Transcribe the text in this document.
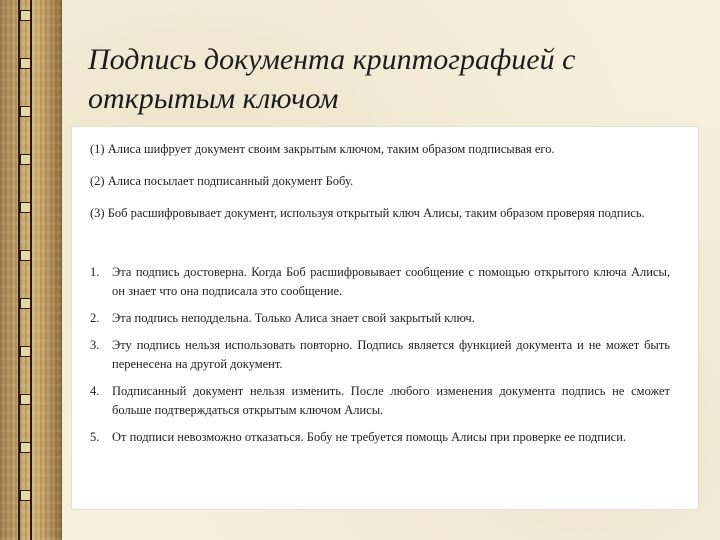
Подпись документа криптографией с открытым ключом

(1) Алиса шифрует документ своим закрытым ключом, таким образом подписывая его.

(2) Алиса посылает подписанный документ Бобу.

(3) Боб расшифровывает документ, используя открытый ключ Алисы, таким образом проверяя подпись.

1.	Эта подпись достоверна. Когда Боб расшифровывает сообщение с помощью открытого ключа Алисы, он знает что она подписала это сообщение.
2.	Эта подпись неподдельна. Только Алиса знает свой закрытый ключ.
3.	Эту подпись нельзя использовать повторно. Подпись является функцией документа и не может быть перенесена на другой документ.
4.	Подписанный документ нельзя изменить. После любого изменения документа подпись не сможет больше подтверждаться открытым ключом Алисы.
5.	От подписи невозможно отказаться. Бобу не требуется помощь Алисы при проверке ее подписи.
